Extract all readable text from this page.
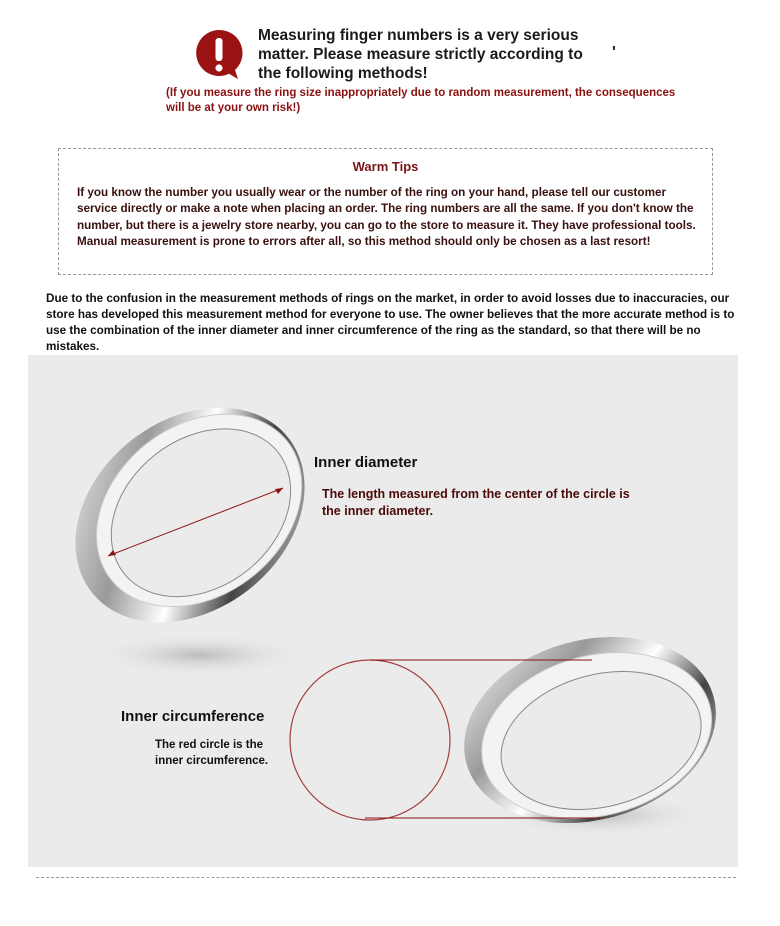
Measuring finger numbers is a very serious matter. Please measure strictly according to the following methods!
'
(If you measure the ring size inappropriately due to random measurement, the consequences will be at your own risk!)
Warm Tips
If you know the number you usually wear or the number of the ring on your hand, please tell our customer service directly or make a note when placing an order. The ring numbers are all the same. If you don't know the number, but there is a jewelry store nearby, you can go to the store to measure it. They have professional tools. Manual measurement is prone to errors after all, so this method should only be chosen as a last resort!
Due to the confusion in the measurement methods of rings on the market, in order to avoid losses due to inaccuracies, our store has developed this measurement method for everyone to use. The owner believes that the more accurate method is to use the combination of the inner diameter and inner circumference of the ring as the standard, so that there will be no mistakes.
Inner diameter
The length measured from the center of the circle is the inner diameter.
Inner circumference
The red circle is the
inner circumference.
